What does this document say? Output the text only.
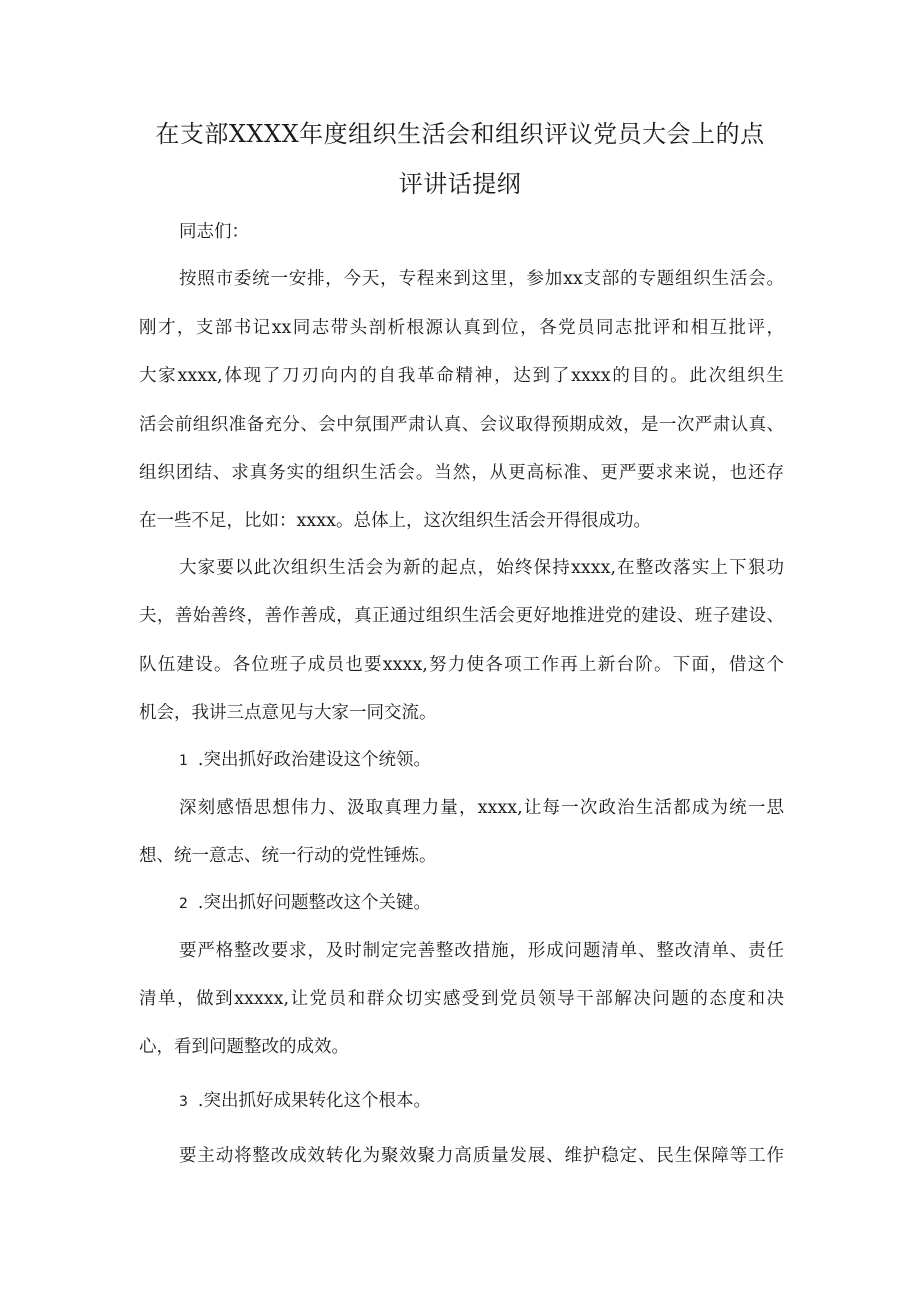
在支部XXXX年度组织生活会和组织评议党员大会上的点
评讲话提纲
同志们：
按照市委统一安排，今天，专程来到这里，参加xx支部的专题组织生活会。
刚才，支部书记xx同志带头剖析根源认真到位，各党员同志批评和相互批评，
大家xxxx,体现了刀刃向内的自我革命精神，达到了xxxx的目的。此次组织生
活会前组织准备充分、会中氛围严肃认真、会议取得预期成效，是一次严肃认真、
组织团结、求真务实的组织生活会。当然，从更高标准、更严要求来说，也还存
在一些不足，比如：xxxx。总体上，这次组织生活会开得很成功。
大家要以此次组织生活会为新的起点，始终保持xxxx,在整改落实上下狠功
夫，善始善终，善作善成，真正通过组织生活会更好地推进党的建设、班子建设、
队伍建设。各位班子成员也要xxxx,努力使各项工作再上新台阶。下面，借这个
机会，我讲三点意见与大家一同交流。
1 .突出抓好政治建设这个统领。
深刻感悟思想伟力、汲取真理力量，xxxx,让每一次政治生活都成为统一思
想、统一意志、统一行动的党性锤炼。
2 .突出抓好问题整改这个关键。
要严格整改要求，及时制定完善整改措施，形成问题清单、整改清单、责任
清单，做到xxxxx,让党员和群众切实感受到党员领导干部解决问题的态度和决
心，看到问题整改的成效。
3 .突出抓好成果转化这个根本。
要主动将整改成效转化为聚效聚力高质量发展、维护稳定、民生保障等工作
